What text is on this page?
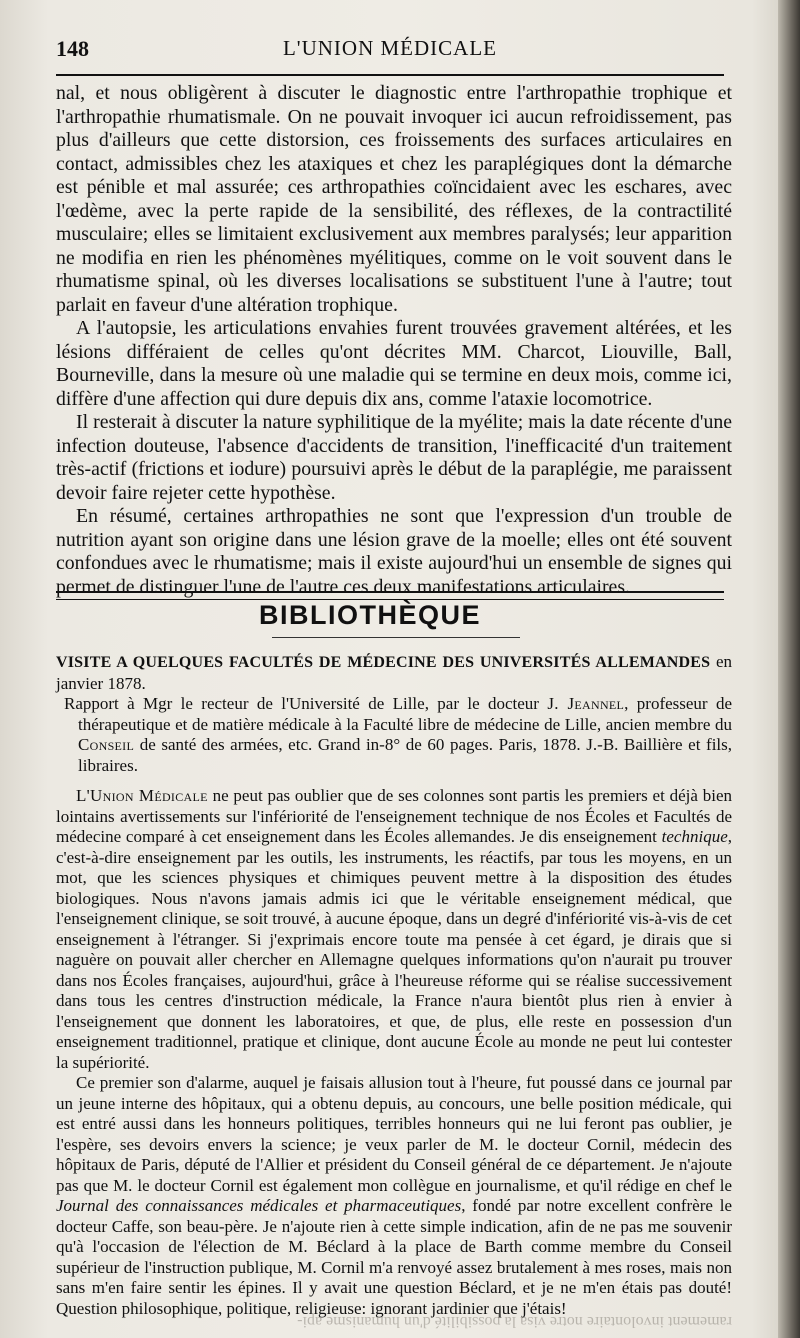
148	L'UNION MÉDICALE

nal, et nous obligèrent à discuter le diagnostic entre l'arthropathie trophique et l'arthropathie rhumatismale. On ne pouvait invoquer ici aucun refroidissement, pas plus d'ailleurs que cette distorsion, ces froissements des surfaces articulaires en contact, admissibles chez les ataxiques et chez les paraplégiques dont la démarche est pénible et mal assurée; ces arthropathies coïncidaient avec les eschares, avec l'œdème, avec la perte rapide de la sensibilité, des réflexes, de la contractilité musculaire; elles se limitaient exclusivement aux membres paralysés; leur apparition ne modifia en rien les phénomènes myélitiques, comme on le voit souvent dans le rhumatisme spinal, où les diverses localisations se substituent l'une à l'autre; tout parlait en faveur d'une altération trophique.

A l'autopsie, les articulations envahies furent trouvées gravement altérées, et les lésions différaient de celles qu'ont décrites MM. Charcot, Liouville, Ball, Bourneville, dans la mesure où une maladie qui se termine en deux mois, comme ici, diffère d'une affection qui dure depuis dix ans, comme l'ataxie locomotrice.

Il resterait à discuter la nature syphilitique de la myélite; mais la date récente d'une infection douteuse, l'absence d'accidents de transition, l'inefficacité d'un traitement très-actif (frictions et iodure) poursuivi après le début de la paraplégie, me paraissent devoir faire rejeter cette hypothèse.

En résumé, certaines arthropathies ne sont que l'expression d'un trouble de nutrition ayant son origine dans une lésion grave de la moelle; elles ont été souvent confondues avec le rhumatisme; mais il existe aujourd'hui un ensemble de signes qui permet de distinguer l'une de l'autre ces deux manifestations articulaires.

BIBLIOTHÈQUE

VISITE A QUELQUES FACULTÉS DE MÉDECINE DES UNIVERSITÉS ALLEMANDES en janvier 1878.

Rapport à Mgr le recteur de l'Université de Lille, par le docteur J. Jeannel, professeur de thérapeutique et de matière médicale à la Faculté libre de médecine de Lille, ancien membre du Conseil de santé des armées, etc. Grand in-8° de 60 pages. Paris, 1878. J.-B. Baillière et fils, libraires.

L'Union Médicale ne peut pas oublier que de ses colonnes sont partis les premiers et déjà bien lointains avertissements sur l'infériorité de l'enseignement technique de nos Écoles et Facultés de médecine comparé à cet enseignement dans les Écoles allemandes. Je dis enseignement technique, c'est-à-dire enseignement par les outils, les instruments, les réactifs, par tous les moyens, en un mot, que les sciences physiques et chimiques peuvent mettre à la disposition des études biologiques. Nous n'avons jamais admis ici que le véritable enseignement médical, que l'enseignement clinique, se soit trouvé, à aucune époque, dans un degré d'infériorité vis-à-vis de cet enseignement à l'étranger. Si j'exprimais encore toute ma pensée à cet égard, je dirais que si naguère on pouvait aller chercher en Allemagne quelques informations qu'on n'aurait pu trouver dans nos Écoles françaises, aujourd'hui, grâce à l'heureuse réforme qui se réalise successivement dans tous les centres d'instruction médicale, la France n'aura bientôt plus rien à envier à l'enseignement que donnent les laboratoires, et que, de plus, elle reste en possession d'un enseignement traditionnel, pratique et clinique, dont aucune École au monde ne peut lui contester la supériorité.

Ce premier son d'alarme, auquel je faisais allusion tout à l'heure, fut poussé dans ce journal par un jeune interne des hôpitaux, qui a obtenu depuis, au concours, une belle position médicale, qui est entré aussi dans les honneurs politiques, terribles honneurs qui ne lui feront pas oublier, je l'espère, ses devoirs envers la science; je veux parler de M. le docteur Cornil, médecin des hôpitaux de Paris, député de l'Allier et président du Conseil général de ce département. Je n'ajoute pas que M. le docteur Cornil est également mon collègue en journalisme, et qu'il rédige en chef le Journal des connaissances médicales et pharmaceutiques, fondé par notre excellent confrère le docteur Caffe, son beau-père. Je n'ajoute rien à cette simple indication, afin de ne pas me souvenir qu'à l'occasion de l'élection de M. Béclard à la place de Barth comme membre du Conseil supérieur de l'instruction publique, M. Cornil m'a renvoyé assez brutalement à mes roses, mais non sans m'en faire sentir les épines. Il y avait une question Béclard, et je ne m'en étais pas douté! Question philosophique, politique, religieuse: ignorant jardinier que j'étais!

ramement involontaire notre visa la possibilité d'un humanisme api-
